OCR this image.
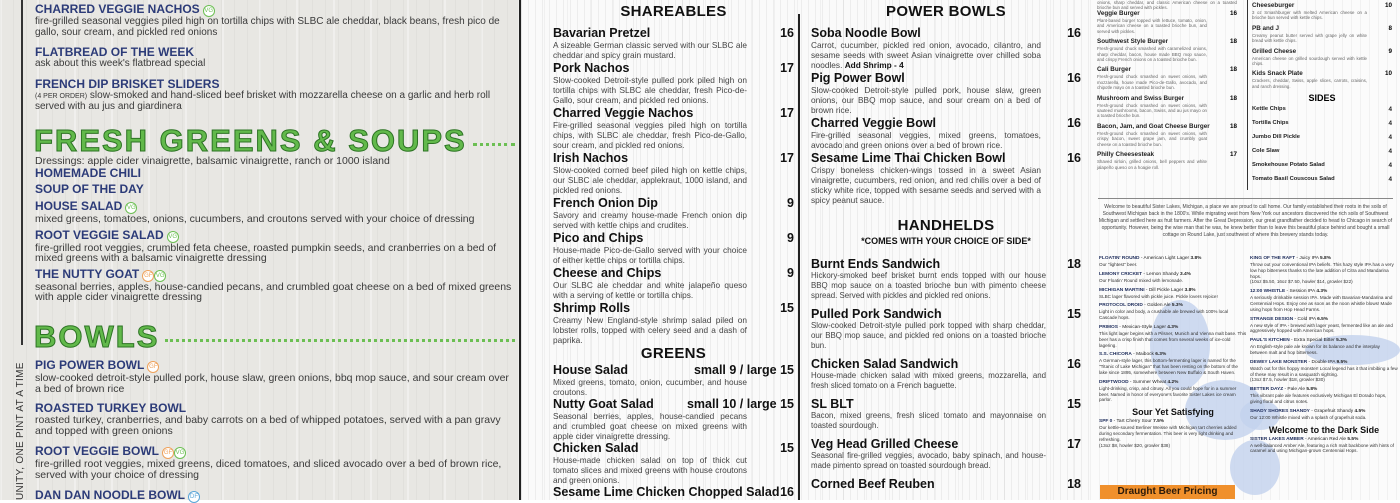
UNITY, ONE PINT AT A TIME
CHARRED VEGGIE NACHOS VG
fire-grilled seasonal veggies piled high on tortilla chips with SLBC ale cheddar, black beans, fresh pico de gallo, sour cream, and pickled red onions
FLATBREAD OF THE WEEK
ask about this week's flatbread special
FRENCH DIP BRISKET SLIDERS
(4 PER ORDER) slow-smoked and hand-sliced beef brisket with mozzarella cheese on a garlic and herb roll served with au jus and giardinera
FRESH GREENS & SOUPS
Dressings: apple cider vinaigrette, balsamic vinaigrette, ranch or 1000 island
HOMEMADE CHILI
SOUP OF THE DAY
HOUSE SALAD VG
mixed greens, tomatoes, onions, cucumbers, and croutons served with your choice of dressing
ROOT VEGGIE SALAD VG
fire-grilled root veggies, crumbled feta cheese, roasted pumpkin seeds, and cranberries on a bed of mixed greens with a balsamic vinaigrette dressing
THE NUTTY GOAT GF VG
seasonal berries, apples, house-candied pecans, and crumbled goat cheese on a bed of mixed greens with apple cider vinaigrette dressing
BOWLS
PIG POWER BOWL GF
slow-cooked detroit-style pulled pork, house slaw, green onions, bbq mop sauce, and sour cream over a bed of brown rice
ROASTED TURKEY BOWL
roasted turkey, cranberries, and baby carrots on a bed of whipped potatoes, served with a pan gravy and topped with green onions
ROOT VEGGIE BOWL GF VG
fire-grilled root veggies, mixed greens, diced tomatoes, and sliced avocado over a bed of brown rice, served with your choice of dressing
DAN DAN NOODLE BOWL DF
SHAREABLES
Bavarian Pretzel	16
A sizeable German classic served with our SLBC ale cheddar and spicy grain mustard.
Pork Nachos	17
Slow-cooked Detroit-style pulled pork piled high on tortilla chips with SLBC ale cheddar, fresh Pico-de-Gallo, sour cream, and pickled red onions.
Charred Veggie Nachos	17
Fire-grilled seasonal veggies piled high on tortilla chips, with SLBC ale cheddar, fresh Pico-de-Gallo, sour cream, and pickled red onions.
Irish Nachos	17
Slow-cooked corned beef piled high on kettle chips, our SLBC ale cheddar, applekraut, 1000 island, and pickled red onions.
French Onion Dip	9
Savory and creamy house-made French onion dip served with kettle chips and crudites.
Pico and Chips	9
House-made Pico-de-Gallo served with your choice of either kettle chips or tortilla chips.
Cheese and Chips	9
Our SLBC ale cheddar and white jalapeño queso with a serving of kettle or tortilla chips.
Shrimp Rolls	15
Creamy New England-style shrimp salad piled on lobster rolls, topped with celery seed and a dash of paprika.
GREENS
House Salad	small 9 / large 15
Mixed greens, tomato, onion, cucumber, and house croutons.
Nutty Goat Salad	small 10 / large 15
Seasonal berries, apples, house-candied pecans and crumbled goat cheese on mixed greens with apple cider vinaigrette dressing.
Chicken Salad	15
House-made chicken salad on top of thick cut tomato slices and mixed greens with house croutons and green onions.
Sesame Lime Chicken Chopped Salad 16
POWER BOWLS
Soba Noodle Bowl	16
Carrot, cucumber, pickled red onion, avocado, cilantro, and sesame seeds with sweet Asian vinaigrette over chilled soba noodles. Add Shrimp - 4
Pig Power Bowl	16
Slow-cooked Detroit-style pulled pork, house slaw, green onions, our BBQ mop sauce, and sour cream on a bed of brown rice.
Charred Veggie Bowl	16
Fire-grilled seasonal veggies, mixed greens, tomatoes, avocado and green onions over a bed of brown rice.
Sesame Lime Thai Chicken Bowl	16
Crispy boneless chicken-wings tossed in a sweet Asian vinaigrette, cucumbers, red onion, and red chilis over a bed of sticky white rice, topped with sesame seeds and served with a spicy peanut sauce.
HANDHELDS
*COMES WITH YOUR CHOICE OF SIDE*
Burnt Ends Sandwich	18
Hickory-smoked beef brisket burnt ends topped with our house BBQ mop sauce on a toasted brioche bun with pimento cheese spread. Served with pickles and pickled red onions.
Pulled Pork Sandwich	15
Slow-cooked Detroit-style pulled pork topped with sharp cheddar, our BBQ mop sauce, and pickled red onions on a toasted brioche bun.
Chicken Salad Sandwich	16
House-made chicken salad with mixed greens, mozzarella, and fresh sliced tomato on a French baguette.
SL BLT	15
Bacon, mixed greens, fresh sliced tomato and mayonnaise on toasted sourdough.
Veg Head Grilled Cheese	17
Seasonal fire-grilled veggies, avocado, baby spinach, and house-made pimento spread on toasted sourdough bread.
Corned Beef Reuben	18
onions, sharp cheddar, and classic American cheese on a toasted brioche bun and served with pickles.
Veggie Burger	16
Plant-based burger topped with lettuce, tomato, onion, and American cheese on a toasted brioche bun, and served with pickles.
Southwest Style Burger	18
Fresh-ground chuck smashed with caramelized onions, sharp cheddar, bacon, house made BBQ mop sauce, and crispy French onions on a toasted brioche bun.
Cali Burger	18
Fresh-ground chuck smashed on sweet onions, with mozzarella, house made Pico-de-Gallo, avocado, and chipotle mayo on a toasted brioche bun.
Mushroom and Swiss Burger	18
Fresh-ground chuck smashed on sweet onions, with sauteed mushrooms, bacon, Swiss, and au jus mayo on a toasted brioche bun.
Bacon, Jam, and Goat Cheese Burger	18
Fresh-ground chuck smashed on sweet onions, with crispy bacon, sweet grape jam, and crumbly goat cheese on a toasted brioche bun.
Philly Cheesesteak	17
Shaved sirloin, grilled onions, bell peppers and white jalapeño queso on a hoagie roll.
Cheeseburger	10
3 oz Smashburger with melted American cheese on a brioche bun served with kettle chips.
PB and J	8
Creamy peanut butter served with grape jelly on white bread with kettle chips.
Grilled Cheese	9
American cheese on grilled sourdough served with kettle chips.
Kids Snack Plate	10
Crackers, cheddar, Swiss, apple slices, carrots, craisins, and ranch dressing.
SIDES
Kettle Chips	4
Tortilla Chips	4
Jumbo Dill Pickle	4
Cole Slaw	4
Smokehouse Potato Salad	4
Tomato Basil Couscous Salad	4
Welcome to beautiful Sister Lakes, Michigan, a place we are proud to call home. Our family established their roots in the soils of Southwest Michigan back in the 1800's. While migrating west from New York our ancestors discovered the rich soils of Southwest Michigan and settled here as fruit farmers. After the Great Depression, our great grandfather decided to head to Chicago in search of opportunity. However, being the wise man that he was, he knew better than to leave this beautiful place behind and bought a small cottage on Round Lake, just southwest of where this brewery stands today.
FLOATIN' ROUND - American Light Lager 3.8%
Our "lightest" beer.
LEMONY CRICKET - Lemon Shandy 3.4%
Our Floatin' Round mixed with lemonade.
MICHIGAN MARTINI - Dill Pickle Lager 3.8%
SLBC lager flavored with pickle juice. Pickle lovers rejoice!
PROTOCOL DROID - Golden Ale 5.3%
Light in color and body, a crushable ale brewed with 100% local Cascade hops.
PRIMOS - Mexican-Style Lager 4.3%
This light lager begins with a Pilsner, Munich and Vienna malt base. This beer has a crisp finish that comes from several weeks of ice-cold lagering.
S.S. CHICORA - Maibock 6.3%
A German-style lager, this bottom-fermenting lager is named for the "Titanic of Lake Michigan" that has been resting on the bottom of the lake since 1895, somewhere between New Buffalo & South Haven.
DRIFTWOOD - Summer Wheat 4.2%
Light-drinking, crisp, and citrusy. All you could hope for in a summer beer. Named in honor of everyone's favorite Sister Lakes ice cream parlor.
Sour Yet Satisfying
SPF 0 - Tart Cherry Sour 7.5%
Our kettle-soured Berliner Weisse with Michigan tart cherries added during secondary fermentation. This beer is very light drinking and refreshing.
(13oz $8, howler $20, growler $38)
Draught Beer Pricing
KING OF THE RAFT - Juicy IPA 5.8%
Throw out your conventional IPA beliefs. This hazy style IPA has a very low hop bitterness thanks to the late addition of Citra and Mandarina hops.
(10oz $5.50, 16oz $7.50, howler $14, growler $22)
12:00 WHISTLE - Session IPA 4.3%
A seriously drinkable session IPA. Made with Bavarian-Mandarina and Centennial Hops. Enjoy one as soon as the noon whistle blows! Made using hops from Hop Head Farms.
STRANGE DESIGN - Cold IPA 6.5%
A new style of IPA - brewed with lager yeast, fermented like an ale and aggressively hopped with American hops.
PAUL'S KITCHEN - Extra Special Bitter 5.3%
An English-style pale ale known for its balance and the interplay between malt and hop bitterness.
DEWEY LAKE MONSTER - Double IPA 9.5%
Watch out for this hoppy monster! Local legend has it that imbibing a few of these may result in a sasquatch sighting.
(13oz $7.5, howler $18, growler $30)
BETTER DAYZ - Pale Ale 5.8%
This vibrant pale ale features exclusively Michigan El Dorado hops, giving floral and citrus notes.
SHADY SHORES SHANDY - Grapefruit Shandy 4.5%
Our 12:00 Whistle mixed with a splash of grapefruit soda.
Welcome to the Dark Side
SISTER LAKES AMBER - American Red Ale 5.5%
A well-balanced Amber Ale, featuring a rich malt backbone with hints of caramel and using Michigan-grown Centennial Hops.
